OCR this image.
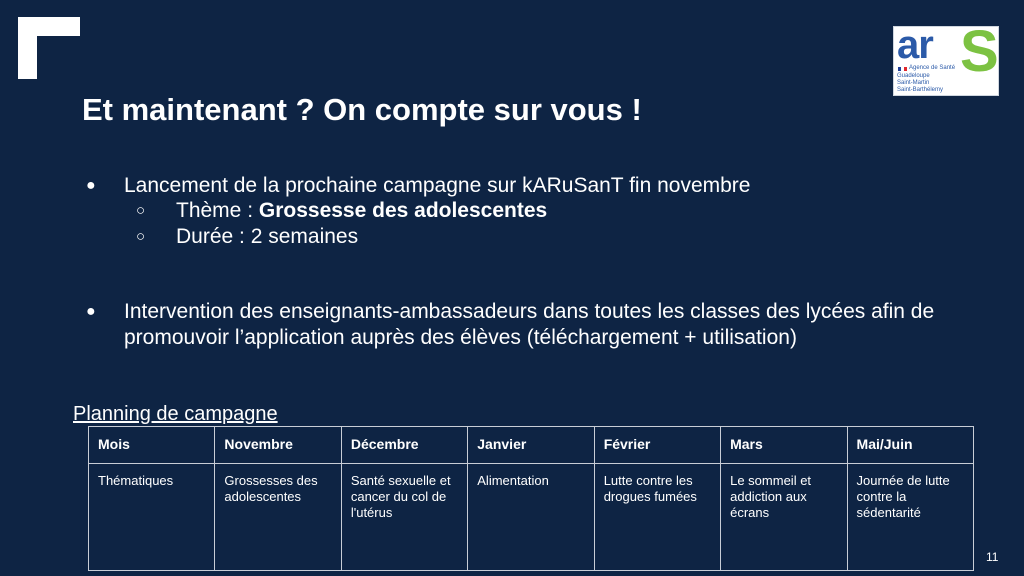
ar S
Agence de Santé
Guadeloupe
Saint-Martin
Saint-Barthélemy
Et maintenant ? On compte sur vous !
● Lancement de la prochaine campagne sur kARuSanT fin novembre
○ Thème : Grossesse des adolescentes
○ Durée : 2 semaines
● Intervention des enseignants-ambassadeurs dans toutes les classes des lycées afin de promouvoir l’application auprès des élèves (téléchargement + utilisation)
Planning de campagne
Mois	Novembre	Décembre	Janvier	Février	Mars	Mai/Juin
Thématiques	Grossesses des adolescentes	Santé sexuelle et cancer du col de l'utérus	Alimentation	Lutte contre les drogues fumées	Le sommeil et addiction aux écrans	Journée de lutte contre la sédentarité
11
